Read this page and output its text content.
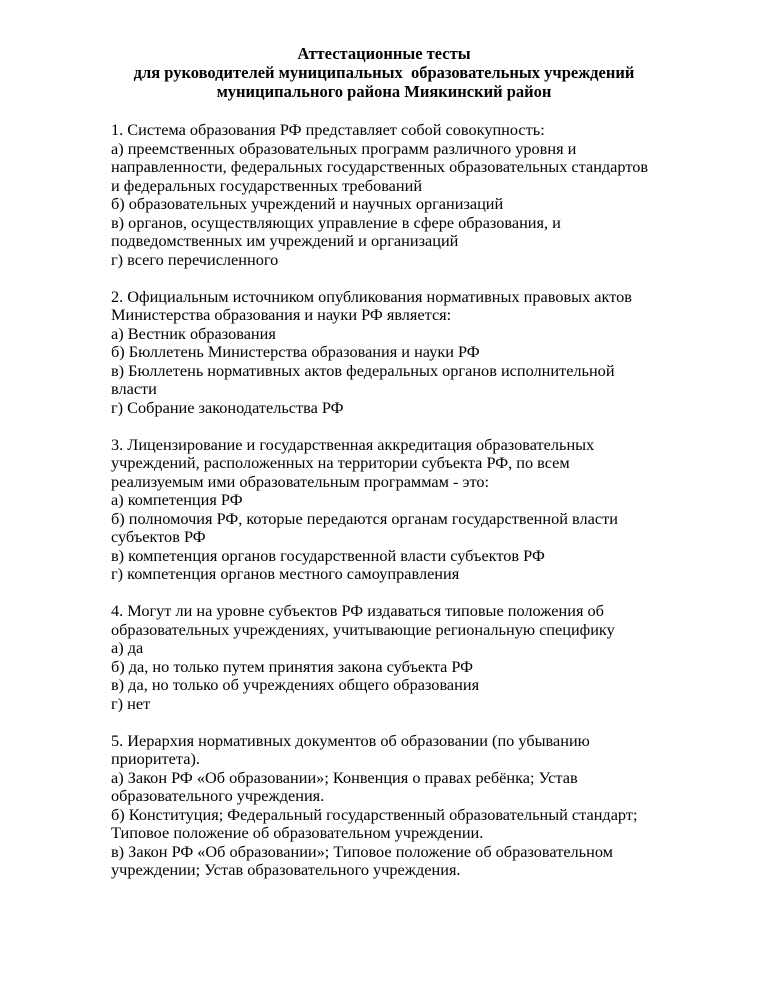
Аттестационные тесты
для руководителей муниципальных  образовательных учреждений
муниципального района Миякинский район
1. Система образования РФ представляет собой совокупность:
а) преемственных образовательных программ различного уровня и
направленности, федеральных государственных образовательных стандартов
и федеральных государственных требований
б) образовательных учреждений и научных организаций
в) органов, осуществляющих управление в сфере образования, и
подведомственных им учреждений и организаций
г) всего перечисленного
2. Официальным источником опубликования нормативных правовых актов
Министерства образования и науки РФ является:
а) Вестник образования
б) Бюллетень Министерства образования и науки РФ
в) Бюллетень нормативных актов федеральных органов исполнительной
власти
г) Собрание законодательства РФ
3. Лицензирование и государственная аккредитация образовательных
учреждений, расположенных на территории субъекта РФ, по всем
реализуемым ими образовательным программам - это:
а) компетенция РФ
б) полномочия РФ, которые передаются органам государственной власти
субъектов РФ
в) компетенция органов государственной власти субъектов РФ
г) компетенция органов местного самоуправления
4. Могут ли на уровне субъектов РФ издаваться типовые положения об
образовательных учреждениях, учитывающие региональную специфику
а) да
б) да, но только путем принятия закона субъекта РФ
в) да, но только об учреждениях общего образования
г) нет
5. Иерархия нормативных документов об образовании (по убыванию
приоритета).
а) Закон РФ «Об образовании»; Конвенция о правах ребёнка; Устав
образовательного учреждения.
б) Конституция; Федеральный государственный образовательный стандарт;
Типовое положение об образовательном учреждении.
в) Закон РФ «Об образовании»; Типовое положение об образовательном
учреждении; Устав образовательного учреждения.
